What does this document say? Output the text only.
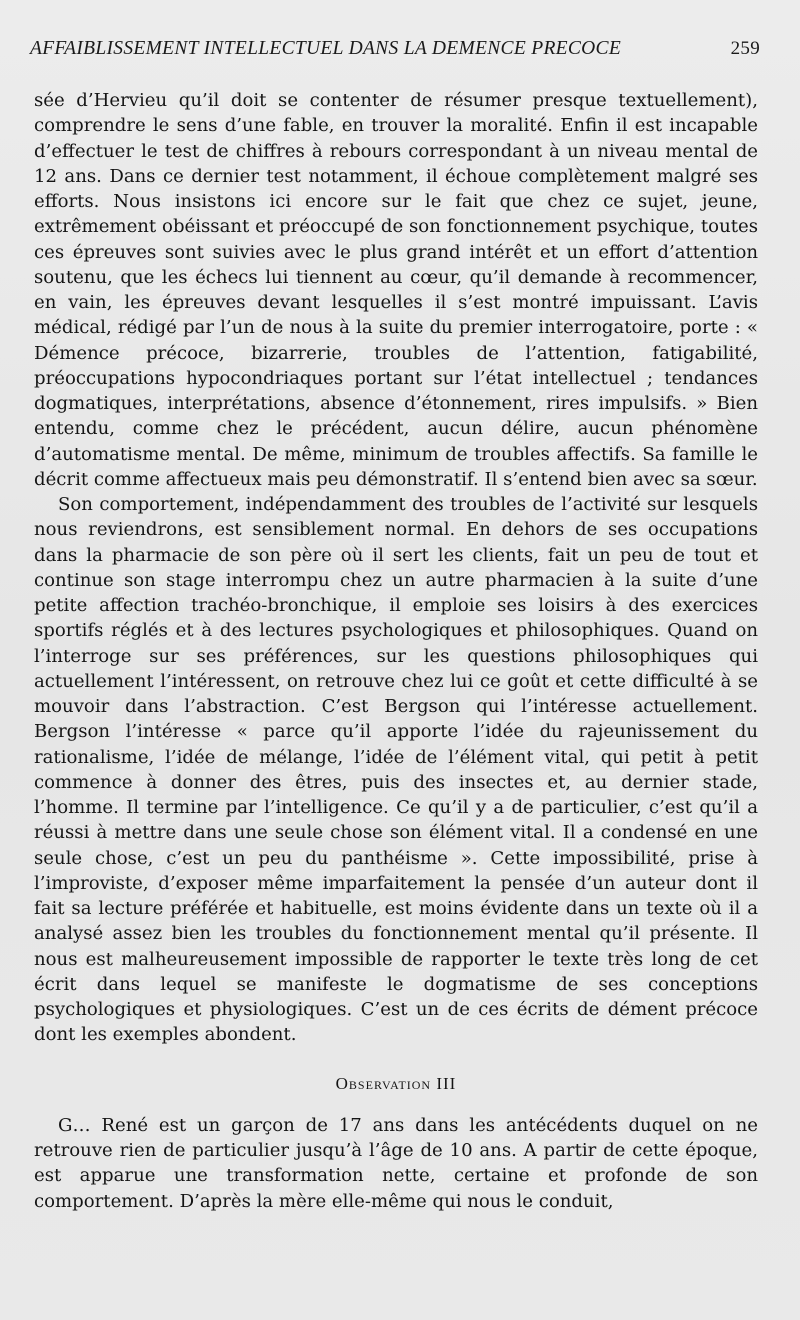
AFFAIBLISSEMENT INTELLECTUEL DANS LA DEMENCE PRECOCE	259

sée d’Hervieu qu’il doit se contenter de résumer presque textuellement), comprendre le sens d’une fable, en trouver la moralité. Enfin il est incapable d’effectuer le test de chiffres à rebours correspondant à un niveau mental de 12 ans. Dans ce dernier test notamment, il échoue complètement malgré ses efforts. Nous insistons ici encore sur le fait que chez ce sujet, jeune, extrêmement obéissant et préoccupé de son fonctionnement psychique, toutes ces épreuves sont suivies avec le plus grand intérêt et un effort d’attention soutenu, que les échecs lui tiennent au cœur, qu’il demande à recommencer, en vain, les épreuves devant lesquelles il s’est montré impuissant. L’avis médical, rédigé par l’un de nous à la suite du premier interrogatoire, porte : « Démence précoce, bizarrerie, troubles de l’attention, fatigabilité, préoccupations hypocondriaques portant sur l’état intellectuel ; tendances dogmatiques, interprétations, absence d’étonnement, rires impulsifs. » Bien entendu, comme chez le précédent, aucun délire, aucun phénomène d’automatisme mental. De même, minimum de troubles affectifs. Sa famille le décrit comme affectueux mais peu démonstratif. Il s’entend bien avec sa sœur.

Son comportement, indépendamment des troubles de l’activité sur lesquels nous reviendrons, est sensiblement normal. En dehors de ses occupations dans la pharmacie de son père où il sert les clients, fait un peu de tout et continue son stage interrompu chez un autre pharmacien à la suite d’une petite affection trachéo-bronchique, il emploie ses loisirs à des exercices sportifs réglés et à des lectures psychologiques et philosophiques. Quand on l’interroge sur ses préférences, sur les questions philosophiques qui actuellement l’intéressent, on retrouve chez lui ce goût et cette difficulté à se mouvoir dans l’abstraction. C’est Bergson qui l’intéresse actuellement. Bergson l’intéresse « parce qu’il apporte l’idée du rajeunissement du rationalisme, l’idée de mélange, l’idée de l’élément vital, qui petit à petit commence à donner des êtres, puis des insectes et, au dernier stade, l’homme. Il termine par l’intelligence. Ce qu’il y a de particulier, c’est qu’il a réussi à mettre dans une seule chose son élément vital. Il a condensé en une seule chose, c’est un peu du panthéisme ». Cette impossibilité, prise à l’improviste, d’exposer même imparfaitement la pensée d’un auteur dont il fait sa lecture préférée et habituelle, est moins évidente dans un texte où il a analysé assez bien les troubles du fonctionnement mental qu’il présente. Il nous est malheureusement impossible de rapporter le texte très long de cet écrit dans lequel se manifeste le dogmatisme de ses conceptions psychologiques et physiologiques. C’est un de ces écrits de dément précoce dont les exemples abondent.

Observation III

G… René est un garçon de 17 ans dans les antécédents duquel on ne retrouve rien de particulier jusqu’à l’âge de 10 ans. A partir de cette époque, est apparue une transformation nette, certaine et profonde de son comportement. D’après la mère elle-même qui nous le conduit,
